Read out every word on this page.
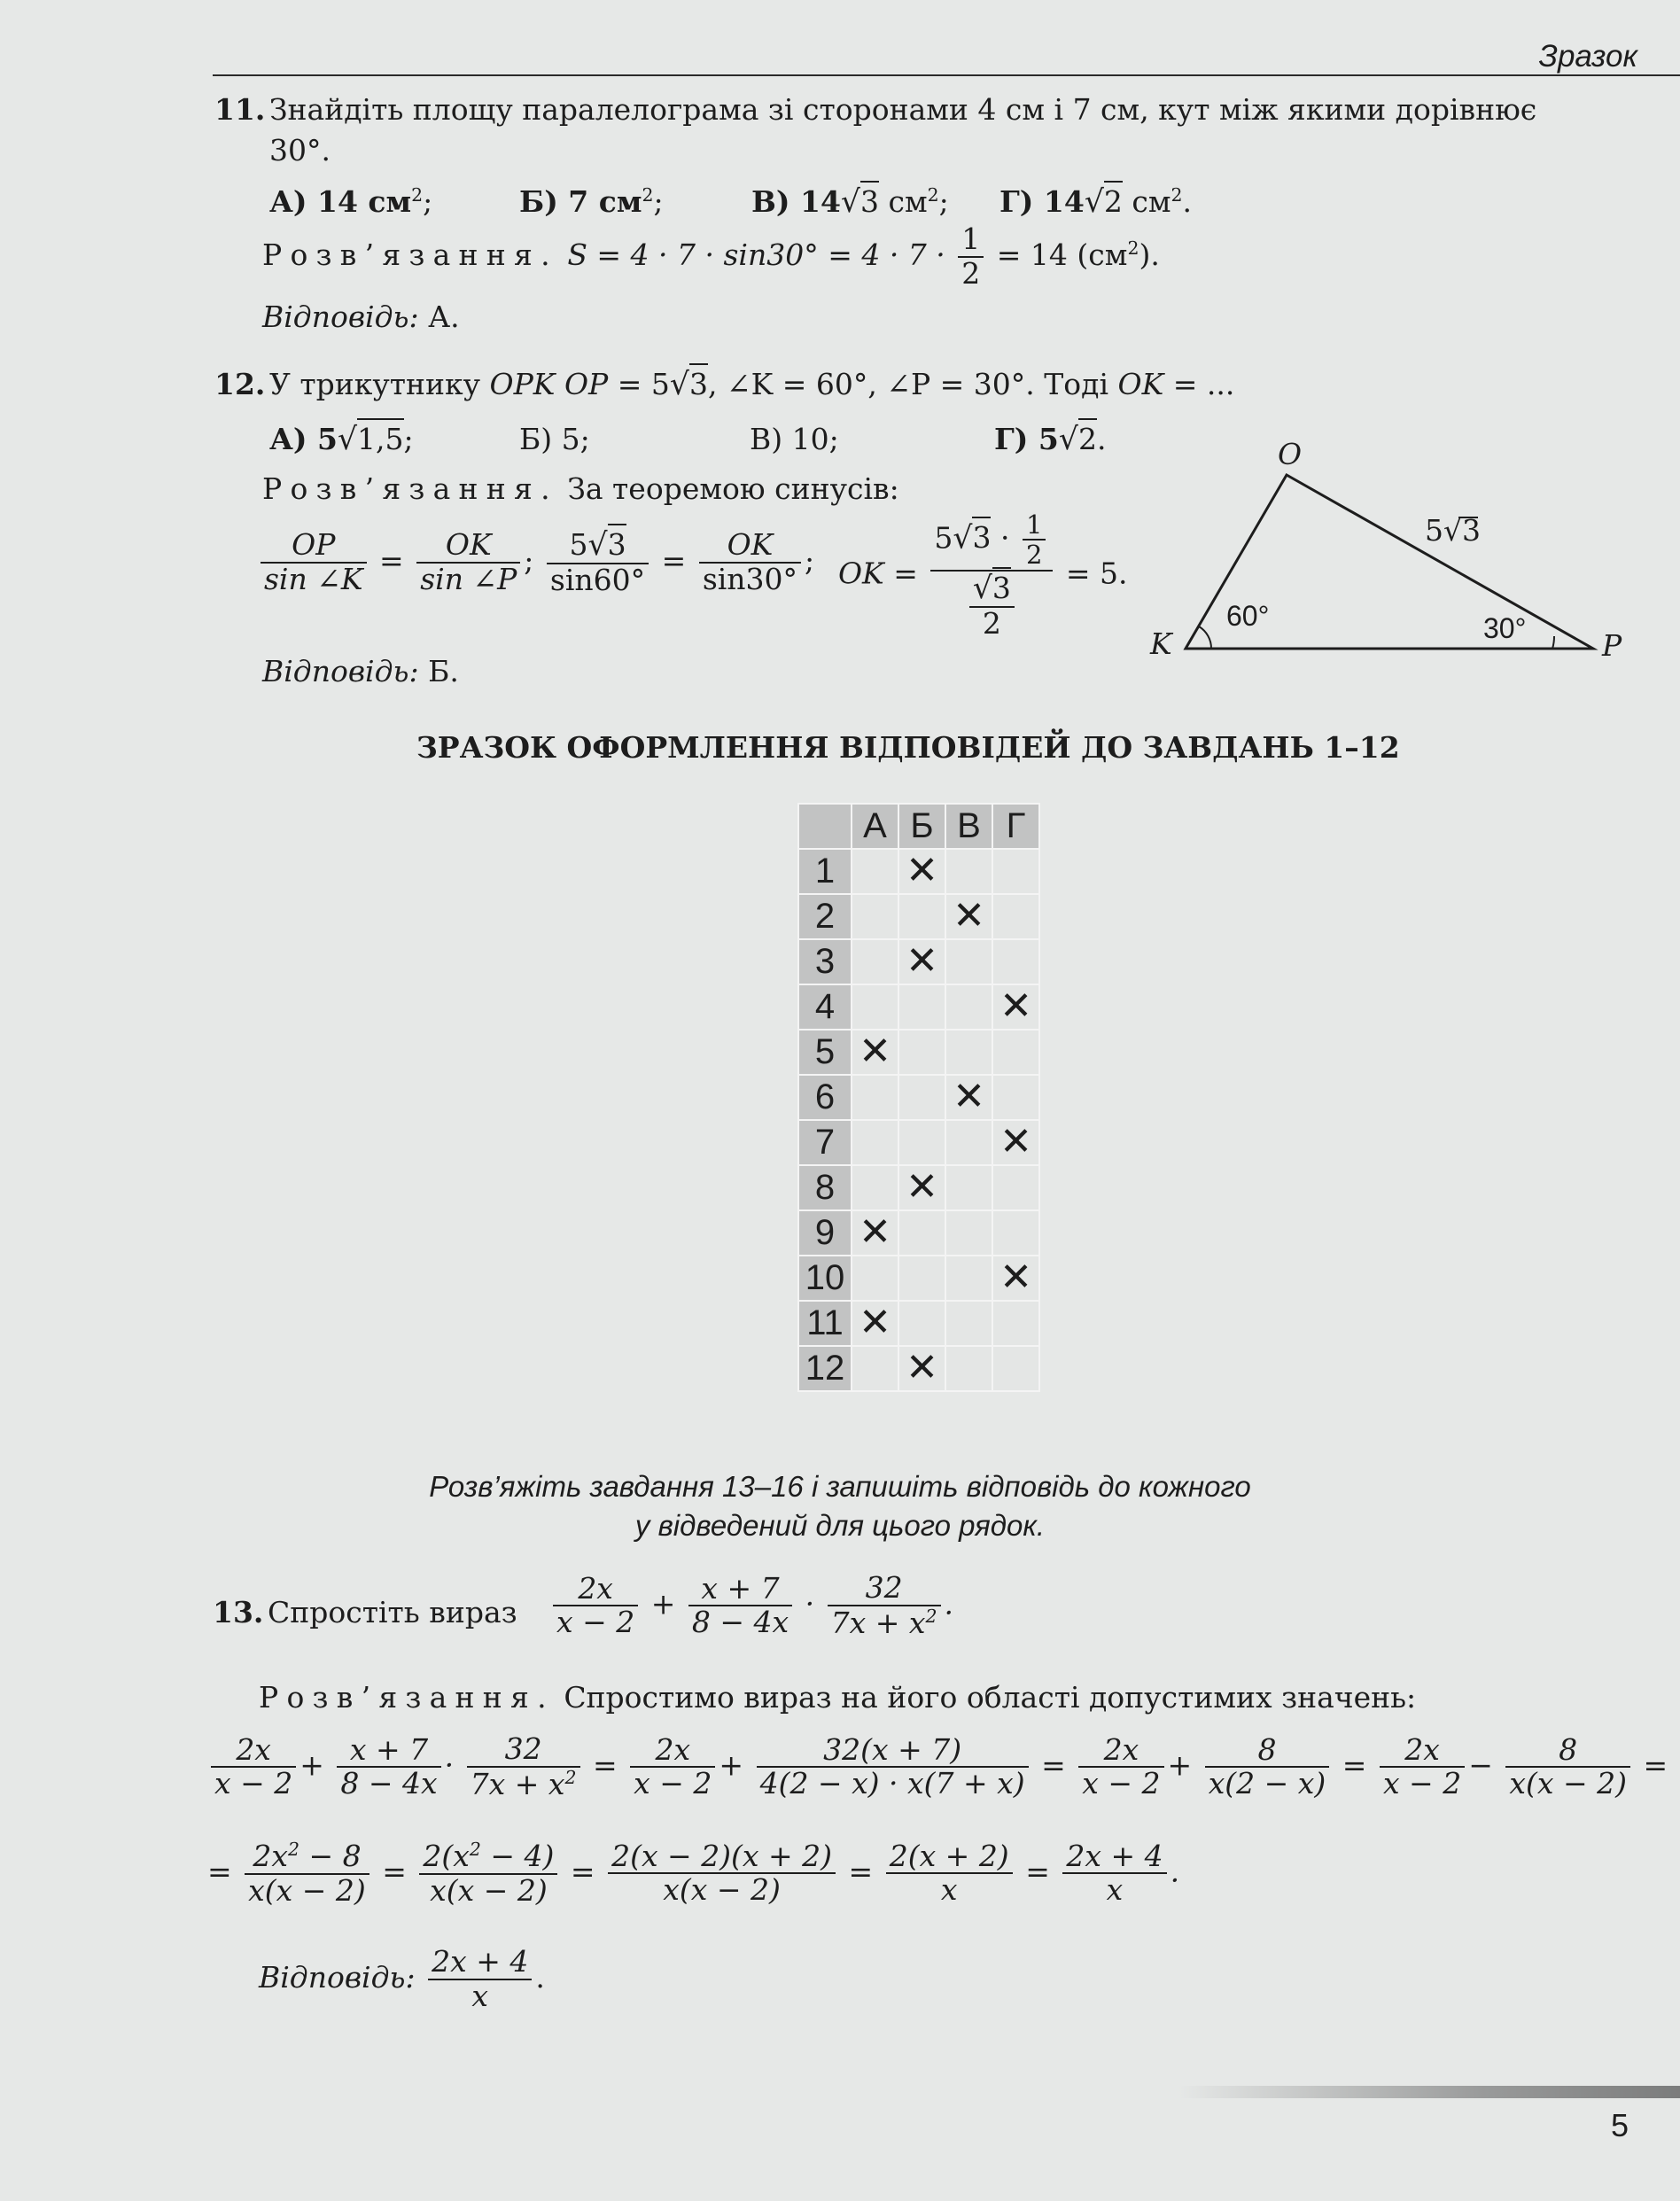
Зразок
11. Знайдіть площу паралелограма зі сторонами 4 см і 7 см, кут між якими дорівнює
30°.
А) 14 $см^2$;	Б) 7 $см^2$;	В) 14√3 $см^2$; Г) 14√2 $см^2$.
Розв’язання. $S = 4 \cdot 7 \cdot \sin 30^\circ = 4 \cdot 7 \cdot \frac{1}{2} = 14$ $(см^2)$.
Відповідь: А.
12. У трикутнику OPK OP = 5√3, ∠K = 60°, ∠P = 30°. Тоді OK = ...
А) 5√1,5;	Б) 5;	В) 10;	Г) 5√2.
Розв’язання. За теоремою синусів:
$\frac{OP}{\sin \angle K} = \frac{OK}{\sin \angle P}$ ; $\frac{5√3}{\sin 60^\circ} = \frac{OK}{\sin 30^\circ}$ ; OK = $\frac{5√3 \cdot \frac{1}{2}}{\frac{√3}{2}} = 5$.
Відповідь: Б.
O
K	P
5√3
60°	30°
ЗРАЗОК ОФОРМЛЕННЯ ВІДПОВІДЕЙ ДО ЗАВДАНЬ 1–12
	А	Б	В	Г
1		✕		
2			✕	
3		✕		
4				✕
5	✕			
6			✕	
7				✕
8		✕		
9	✕			
10				✕
11	✕			
12		✕		
Розв’яжіть завдання 13–16 і запишіть відповідь до кожного
у відведений для цього рядок.
13. Спростіть вираз $\frac{2x}{x - 2} + \frac{x + 7}{8 - 4x} \cdot \frac{32}{7x + x^2}$ .
Розв’язання. Спростимо вираз на його області допустимих значень:
$\frac{2x}{x - 2} + \frac{x + 7}{8 - 4x} \cdot \frac{32}{7x + x^2} = \frac{2x}{x - 2} + \frac{32(x + 7)}{4(2 - x) \cdot x(7 + x)} = \frac{2x}{x - 2} + \frac{8}{x(2 - x)} = \frac{2x}{x - 2} - \frac{8}{x(x - 2)}$ =
= $\frac{2x^2 - 8}{x(x - 2)} = \frac{2(x^2 - 4)}{x(x - 2)} = \frac{2(x - 2)(x + 2)}{x(x - 2)} = \frac{2(x + 2)}{x} = \frac{2x + 4}{x}$ .
Відповідь: $\frac{2x + 4}{x}$ .
5
